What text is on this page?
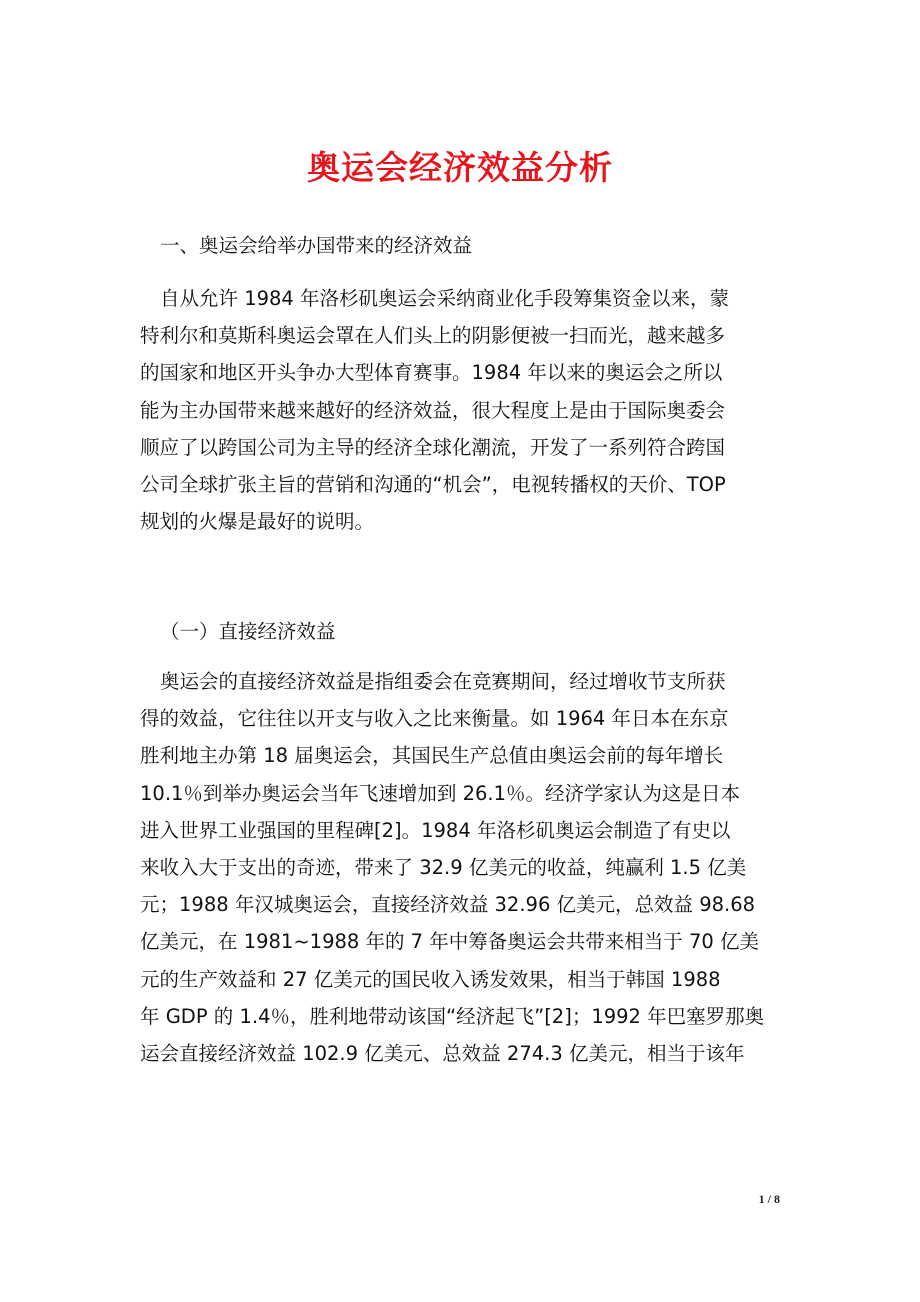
奥运会经济效益分析
一、奥运会给举办国带来的经济效益
自从允许 1984 年洛杉矶奥运会采纳商业化手段筹集资金以来，蒙
特利尔和莫斯科奥运会罩在人们头上的阴影便被一扫而光，越来越多
的国家和地区开头争办大型体育赛事。1984 年以来的奥运会之所以
能为主办国带来越来越好的经济效益，很大程度上是由于国际奥委会
顺应了以跨国公司为主导的经济全球化潮流，开发了一系列符合跨国
公司全球扩张主旨的营销和沟通的“机会”，电视转播权的天价、TOP
规划的火爆是最好的说明。
（一）直接经济效益
奥运会的直接经济效益是指组委会在竞赛期间，经过增收节支所获
得的效益，它往往以开支与收入之比来衡量。如 1964 年日本在东京
胜利地主办第 18 届奥运会，其国民生产总值由奥运会前的每年增长
10.1％到举办奥运会当年飞速增加到 26.1％。经济学家认为这是日本
进入世界工业强国的里程碑[2]。1984 年洛杉矶奥运会制造了有史以
来收入大于支出的奇迹，带来了 32.9 亿美元的收益，纯赢利 1.5 亿美
元；1988 年汉城奥运会，直接经济效益 32.96 亿美元，总效益 98.68
亿美元，在 1981~1988 年的 7 年中筹备奥运会共带来相当于 70 亿美
元的生产效益和 27 亿美元的国民收入诱发效果，相当于韩国 1988
年 GDP 的 1.4％，胜利地带动该国“经济起飞”[2]；1992 年巴塞罗那奥
运会直接经济效益 102.9 亿美元、总效益 274.3 亿美元，相当于该年
1 / 8
